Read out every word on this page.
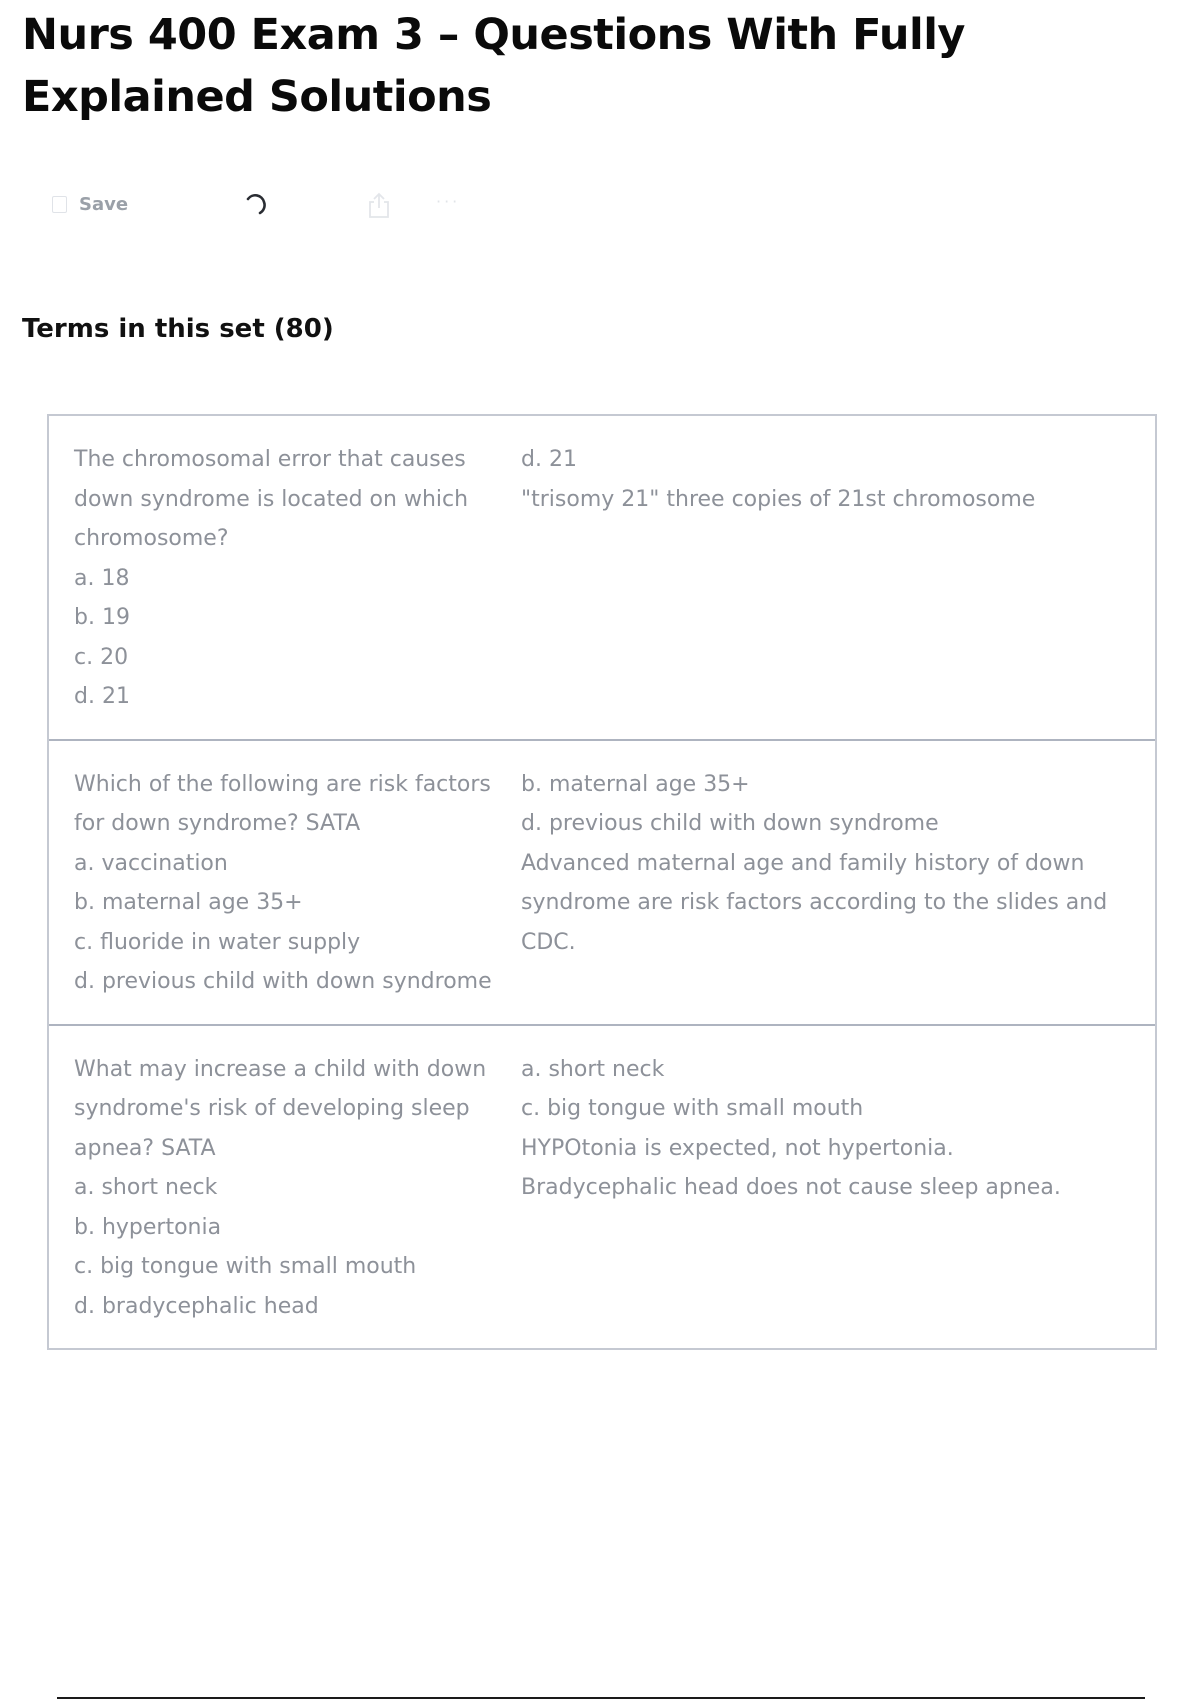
Nurs 400 Exam 3 – Questions With Fully Explained Solutions
Save	···
Terms in this set (80)
The chromosomal error that causes
down syndrome is located on which
chromosome?
a. 18
b. 19
c. 20
d. 21
d. 21
"trisomy 21" three copies of 21st chromosome
Which of the following are risk factors
for down syndrome? SATA
a. vaccination
b. maternal age 35+
c. fluoride in water supply
d. previous child with down syndrome
b. maternal age 35+
d. previous child with down syndrome
Advanced maternal age and family history of down
syndrome are risk factors according to the slides and
CDC.
What may increase a child with down
syndrome's risk of developing sleep
apnea? SATA
a. short neck
b. hypertonia
c. big tongue with small mouth
d. bradycephalic head
a. short neck
c. big tongue with small mouth
HYPOtonia is expected, not hypertonia.
Bradycephalic head does not cause sleep apnea.
